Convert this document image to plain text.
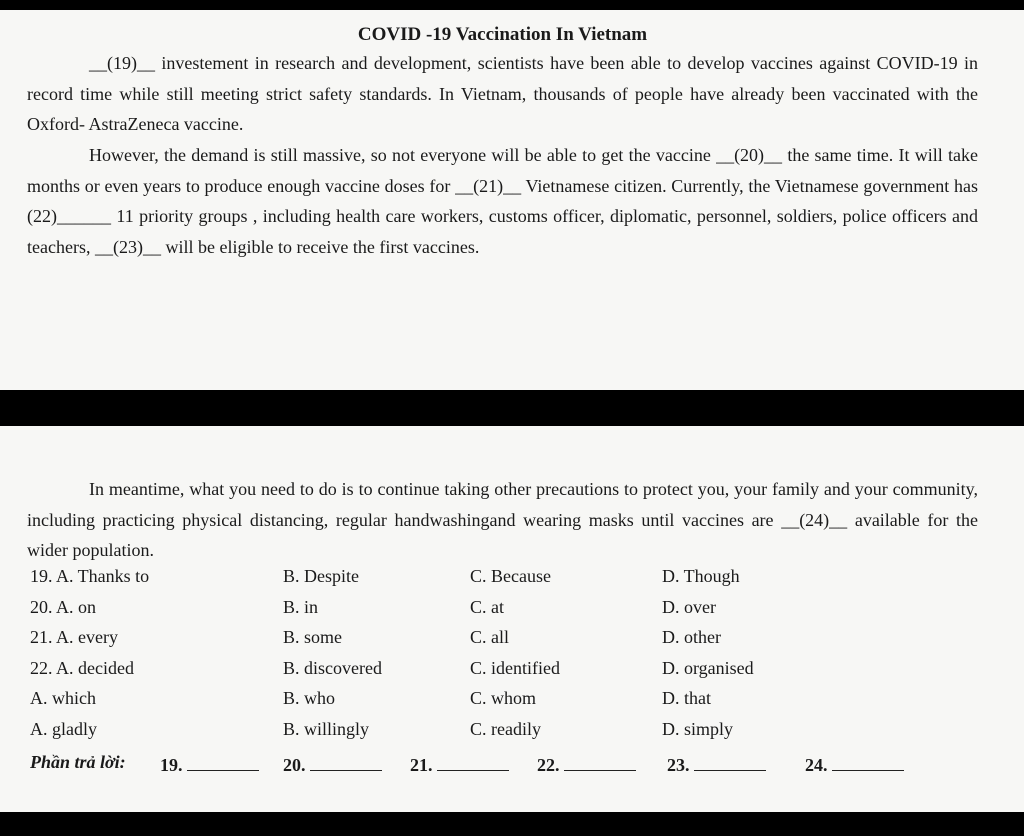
COVID -19 Vaccination In Vietnam

__(19)__ investement in research and development, scientists have been able to develop vaccines against COVID-19 in record time while still meeting strict safety standards. In Vietnam, thousands of people have already been vaccinated with the Oxford- AstraZeneca vaccine.

However, the demand is still massive, so not everyone will be able to get the vaccine __(20)__ the same time. It will take months or even years to produce enough vaccine doses for __(21)__ Vietnamese citizen. Currently, the Vietnamese government has (22)______ 11 priority groups , including health care workers, customs officer, diplomatic, personnel, soldiers, police officers and teachers, __(23)__ will be eligible to receive the first vaccines.

In meantime, what you need to do is to continue taking other precautions to protect you, your family and your community, including practicing physical distancing, regular handwashingand wearing masks until vaccines are __(24)__ available for the wider population.

19. A. Thanks to	B. Despite	C. Because	D. Though
20. A. on	B. in	C. at	D. over
21. A. every	B. some	C. all	D. other
22. A. decided	B. discovered	C. identified	D. organised
A. which	B. who	C. whom	D. that
A. gladly	B. willingly	C. readily	D. simply
Phần trả lời: 19.	20.	21.	22.	23.	24.
